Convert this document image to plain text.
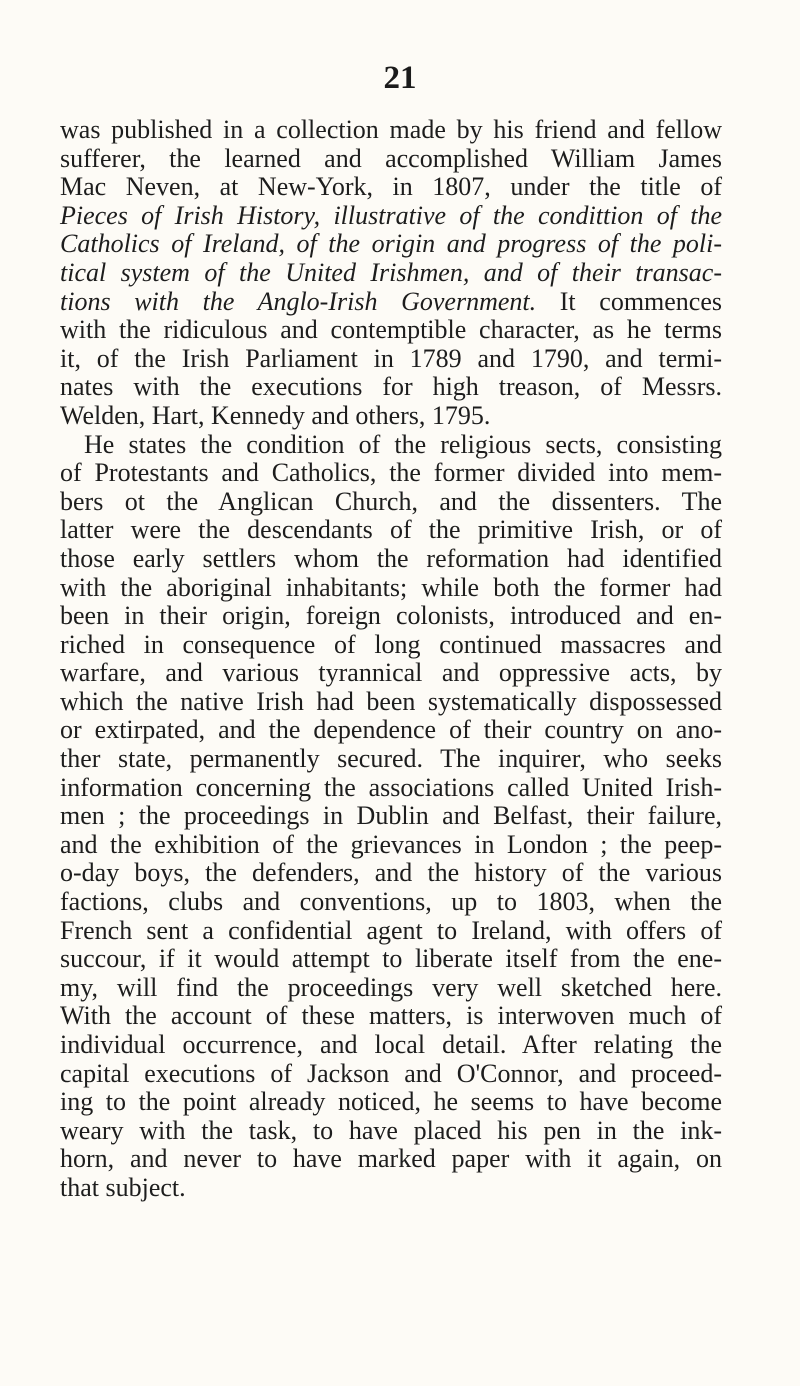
21
was published in a collection made by his friend and fellow
sufferer, the learned and accomplished William James
Mac Neven, at New-York, in 1807, under the title of
Pieces of Irish History, illustrative of the condittion of the
Catholics of Ireland, of the origin and progress of the poli-
tical system of the United Irishmen, and of their transac-
tions with the Anglo-Irish Government. It commences
with the ridiculous and contemptible character, as he terms
it, of the Irish Parliament in 1789 and 1790, and termi-
nates with the executions for high treason, of Messrs.
Welden, Hart, Kennedy and others, 1795.
He states the condition of the religious sects, consisting
of Protestants and Catholics, the former divided into mem-
bers ot the Anglican Church, and the dissenters. The
latter were the descendants of the primitive Irish, or of
those early settlers whom the reformation had identified
with the aboriginal inhabitants; while both the former had
been in their origin, foreign colonists, introduced and en-
riched in consequence of long continued massacres and
warfare, and various tyrannical and oppressive acts, by
which the native Irish had been systematically dispossessed
or extirpated, and the dependence of their country on ano-
ther state, permanently secured. The inquirer, who seeks
information concerning the associations called United Irish-
men ; the proceedings in Dublin and Belfast, their failure,
and the exhibition of the grievances in London ; the peep-
o-day boys, the defenders, and the history of the various
factions, clubs and conventions, up to 1803, when the
French sent a confidential agent to Ireland, with offers of
succour, if it would attempt to liberate itself from the ene-
my, will find the proceedings very well sketched here.
With the account of these matters, is interwoven much of
individual occurrence, and local detail. After relating the
capital executions of Jackson and O'Connor, and proceed-
ing to the point already noticed, he seems to have become
weary with the task, to have placed his pen in the ink-
horn, and never to have marked paper with it again, on
that subject.
